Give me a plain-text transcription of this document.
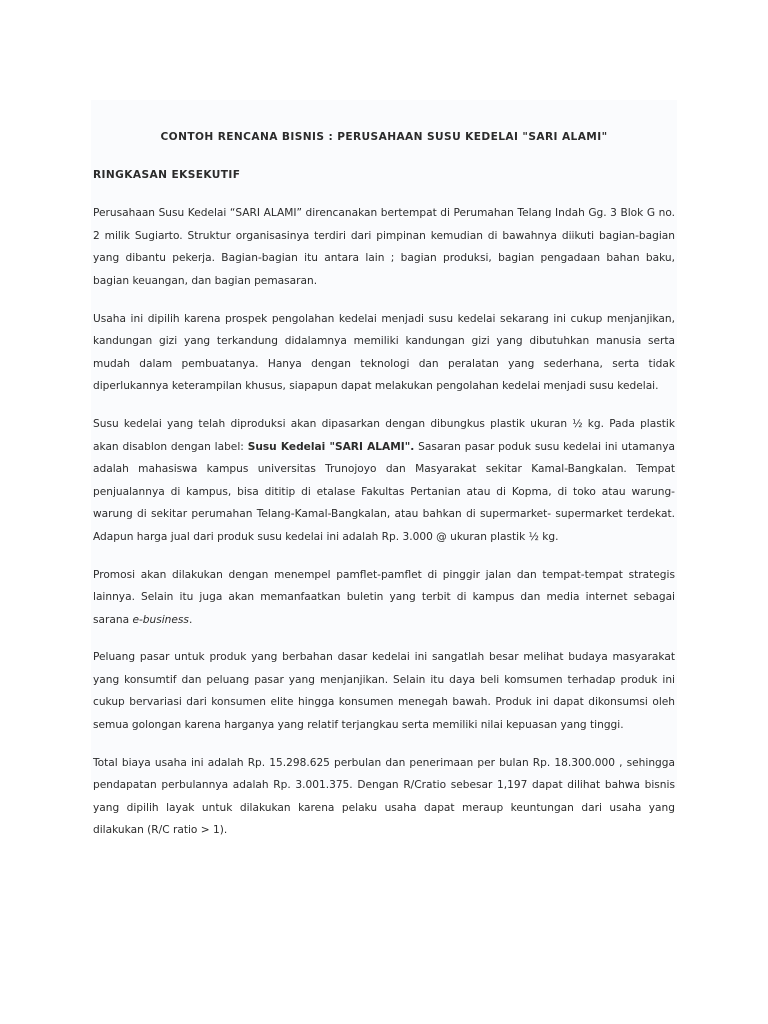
CONTOH RENCANA BISNIS : PERUSAHAAN SUSU KEDELAI "SARI ALAMI"

RINGKASAN EKSEKUTIF

Perusahaan Susu Kedelai “SARI ALAMI” direncanakan bertempat di Perumahan Telang Indah Gg. 3 Blok G no. 2 milik Sugiarto. Struktur organisasinya terdiri dari pimpinan kemudian di bawahnya diikuti bagian-bagian yang dibantu pekerja. Bagian-bagian itu antara lain ; bagian produksi, bagian pengadaan bahan baku, bagian keuangan, dan bagian pemasaran.

Usaha ini dipilih karena prospek pengolahan kedelai menjadi susu kedelai sekarang ini cukup menjanjikan, kandungan gizi yang terkandung didalamnya memiliki kandungan gizi yang dibutuhkan manusia serta mudah dalam pembuatanya. Hanya dengan teknologi dan peralatan yang sederhana, serta tidak diperlukannya keterampilan khusus, siapapun dapat melakukan pengolahan kedelai menjadi susu kedelai.

Susu kedelai yang telah diproduksi akan dipasarkan dengan dibungkus plastik ukuran ½ kg. Pada plastik akan disablon dengan label: Susu Kedelai "SARI ALAMI". Sasaran pasar poduk susu kedelai ini utamanya adalah mahasiswa kampus universitas Trunojoyo dan Masyarakat sekitar Kamal-Bangkalan. Tempat penjualannya di kampus, bisa dititip di etalase Fakultas Pertanian atau di Kopma, di toko atau warung-warung di sekitar perumahan Telang-Kamal-Bangkalan, atau bahkan di supermarket- supermarket terdekat. Adapun harga jual dari produk susu kedelai ini adalah Rp. 3.000 @ ukuran plastik ½ kg.

Promosi akan dilakukan dengan menempel pamflet-pamflet di pinggir jalan dan tempat-tempat strategis lainnya. Selain itu juga akan memanfaatkan buletin yang terbit di kampus dan media internet sebagai sarana e-business.

Peluang pasar untuk produk yang berbahan dasar kedelai ini sangatlah besar melihat budaya masyarakat yang konsumtif dan peluang pasar yang menjanjikan. Selain itu daya beli komsumen terhadap produk ini cukup bervariasi dari konsumen elite hingga konsumen menegah bawah. Produk ini dapat dikonsumsi oleh semua golongan karena harganya yang relatif terjangkau serta memiliki nilai kepuasan yang tinggi.

Total biaya usaha ini adalah Rp. 15.298.625 perbulan dan penerimaan per bulan Rp. 18.300.000 , sehingga pendapatan perbulannya adalah Rp. 3.001.375. Dengan R/Cratio sebesar 1,197 dapat dilihat bahwa bisnis yang dipilih layak untuk dilakukan karena pelaku usaha dapat meraup keuntungan dari usaha yang dilakukan (R/C ratio > 1).
